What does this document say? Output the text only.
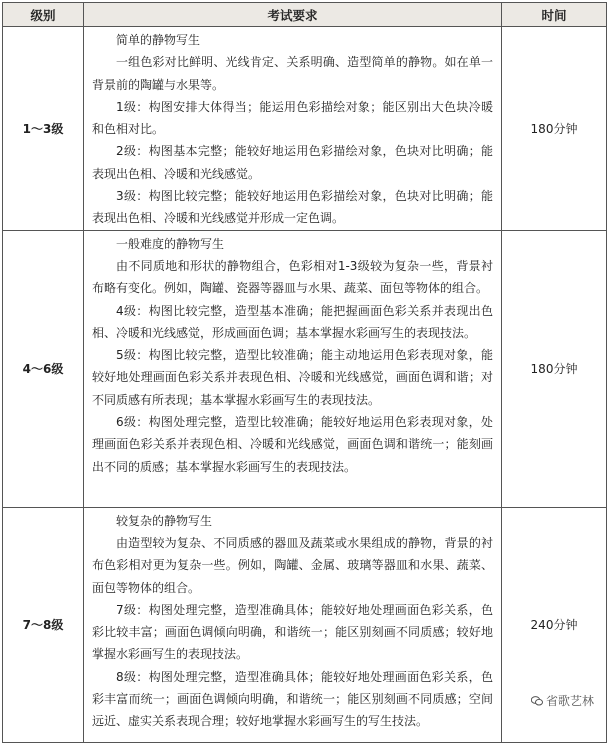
级别	考试要求	时间
1～3级	简单的静物写生

一组色彩对比鲜明、光线肯定、关系明确、造型简单的静物。如在单一背景前的陶罐与水果等。

1级：构图安排大体得当；能运用色彩描绘对象；能区别出大色块冷暖和色相对比。

2级：构图基本完整；能较好地运用色彩描绘对象，色块对比明确；能表现出色相、冷暖和光线感觉。

3级：构图比较完整；能较好地运用色彩描绘对象，色块对比明确；能表现出色相、冷暖和光线感觉并形成一定色调。	180分钟
4～6级	一般难度的静物写生

由不同质地和形状的静物组合，色彩相对1-3级较为复杂一些，背景衬布略有变化。例如，陶罐、瓷器等器皿与水果、蔬菜、面包等物体的组合。

4级：构图比较完整，造型基本准确；能把握画面色彩关系并表现出色相、冷暖和光线感觉，形成画面色调；基本掌握水彩画写生的表现技法。

5级：构图比较完整，造型比较准确；能主动地运用色彩表现对象，能较好地处理画面色彩关系并表现色相、冷暖和光线感觉，画面色调和谐；对不同质感有所表现；基本掌握水彩画写生的表现技法。

6级：构图处理完整，造型比较准确；能较好地运用色彩表现对象，处理画面色彩关系并表现色相、冷暖和光线感觉，画面色调和谐统一；能刻画出不同的质感；基本掌握水彩画写生的表现技法。	180分钟
7～8级	较复杂的静物写生

由造型较为复杂、不同质感的器皿及蔬菜或水果组成的静物，背景的衬布色彩相对更为复杂一些。例如，陶罐、金属、玻璃等器皿和水果、蔬菜、面包等物体的组合。

7级：构图处理完整，造型准确具体；能较好地处理画面色彩关系，色彩比较丰富；画面色调倾向明确，和谐统一；能区别刻画不同质感；较好地掌握水彩画写生的表现技法。

8级：构图处理完整，造型准确具体；能较好地处理画面色彩关系，色彩丰富而统一；画面色调倾向明确，和谐统一；能区别刻画不同质感；空间远近、虚实关系表现合理；较好地掌握水彩画写生的写生技法。	240分钟
省歌艺林
